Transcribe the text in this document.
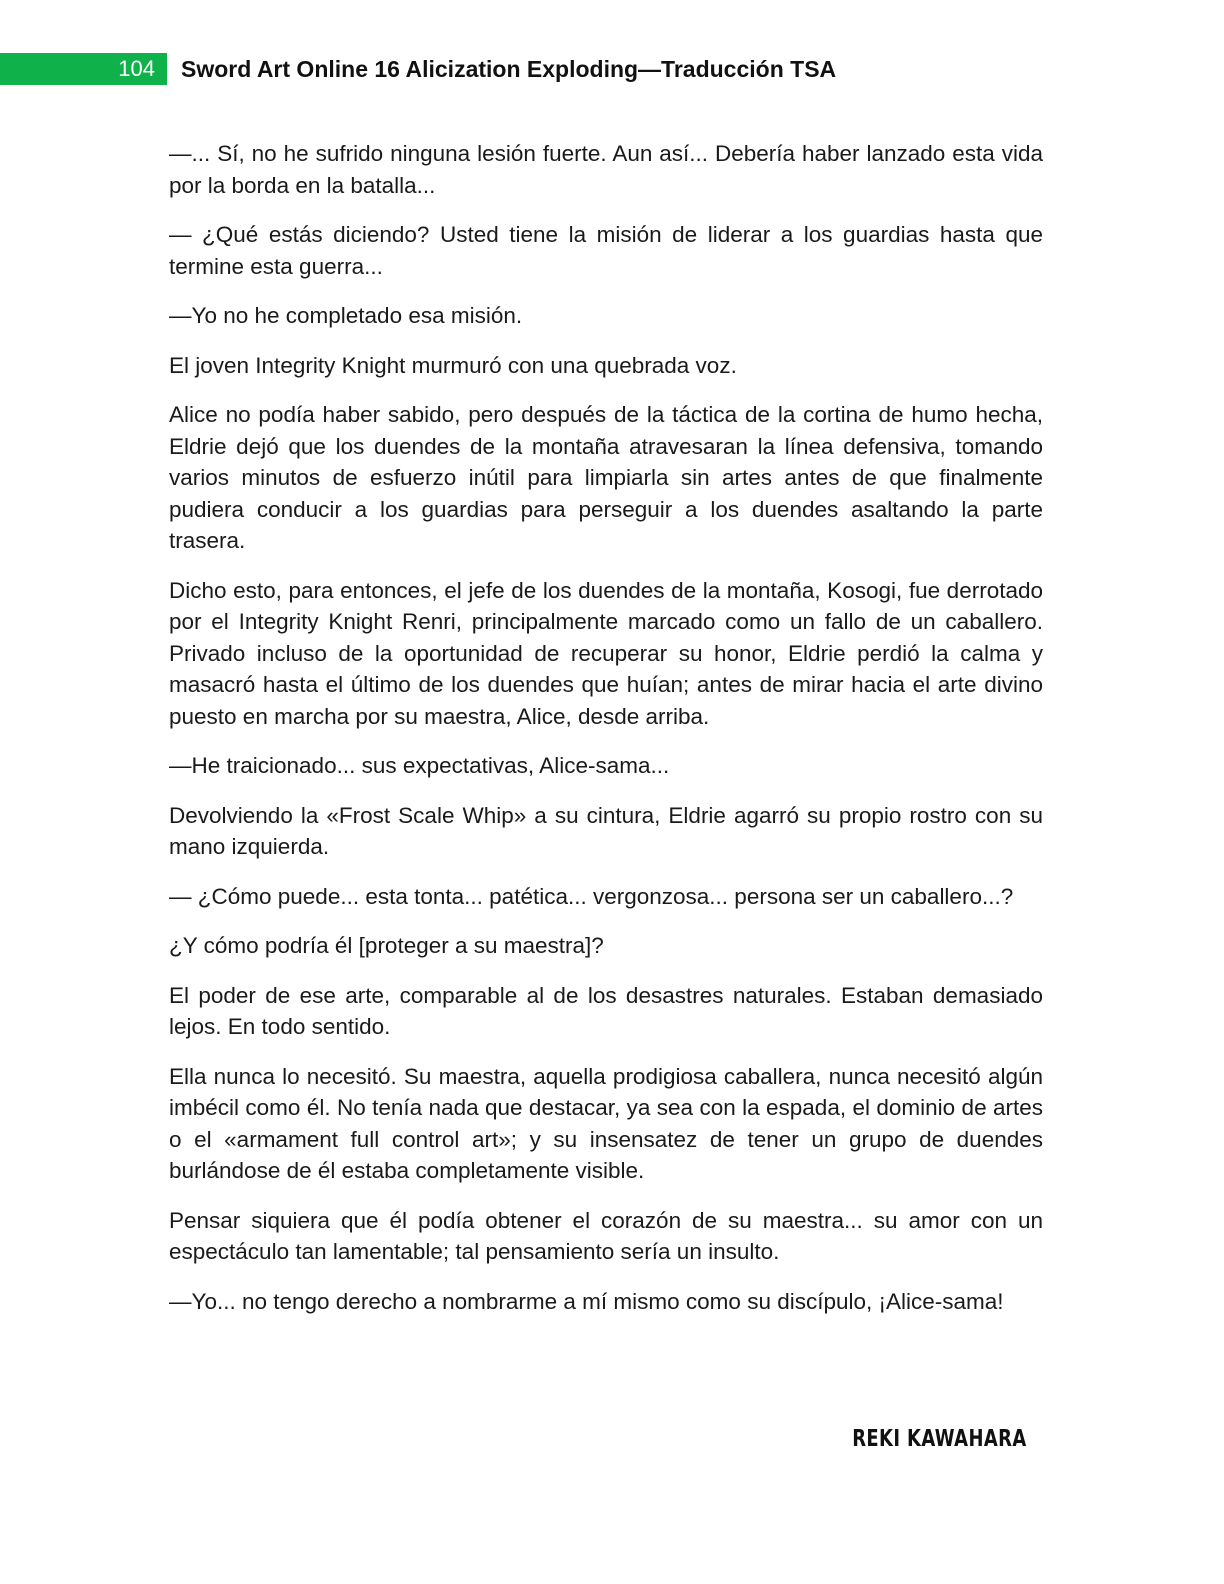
104	Sword Art Online 16 Alicization Exploding—Traducción TSA

—... Sí, no he sufrido ninguna lesión fuerte. Aun así... Debería haber lanzado esta vida por la borda en la batalla...

— ¿Qué estás diciendo? Usted tiene la misión de liderar a los guardias hasta que termine esta guerra...

—Yo no he completado esa misión.

El joven Integrity Knight murmuró con una quebrada voz.

Alice no podía haber sabido, pero después de la táctica de la cortina de humo hecha, Eldrie dejó que los duendes de la montaña atravesaran la línea defensiva, tomando varios minutos de esfuerzo inútil para limpiarla sin artes antes de que finalmente pudiera conducir a los guardias para perseguir a los duendes asaltando la parte trasera.

Dicho esto, para entonces, el jefe de los duendes de la montaña, Kosogi, fue derrotado por el Integrity Knight Renri, principalmente marcado como un fallo de un caballero. Privado incluso de la oportunidad de recuperar su honor, Eldrie perdió la calma y masacró hasta el último de los duendes que huían; antes de mirar hacia el arte divino puesto en marcha por su maestra, Alice, desde arriba.

—He traicionado... sus expectativas, Alice-sama...

Devolviendo la «Frost Scale Whip» a su cintura, Eldrie agarró su propio rostro con su mano izquierda.

— ¿Cómo puede... esta tonta... patética... vergonzosa... persona ser un caballero...?

¿Y cómo podría él [proteger a su maestra]?

El poder de ese arte, comparable al de los desastres naturales. Estaban demasiado lejos. En todo sentido.

Ella nunca lo necesitó. Su maestra, aquella prodigiosa caballera, nunca necesitó algún imbécil como él. No tenía nada que destacar, ya sea con la espada, el dominio de artes o el «armament full control art»; y su insensatez de tener un grupo de duendes burlándose de él estaba completamente visible.

Pensar siquiera que él podía obtener el corazón de su maestra... su amor con un espectáculo tan lamentable; tal pensamiento sería un insulto.

—Yo... no tengo derecho a nombrarme a mí mismo como su discípulo, ¡Alice-sama!

REKI KAWAHARA
